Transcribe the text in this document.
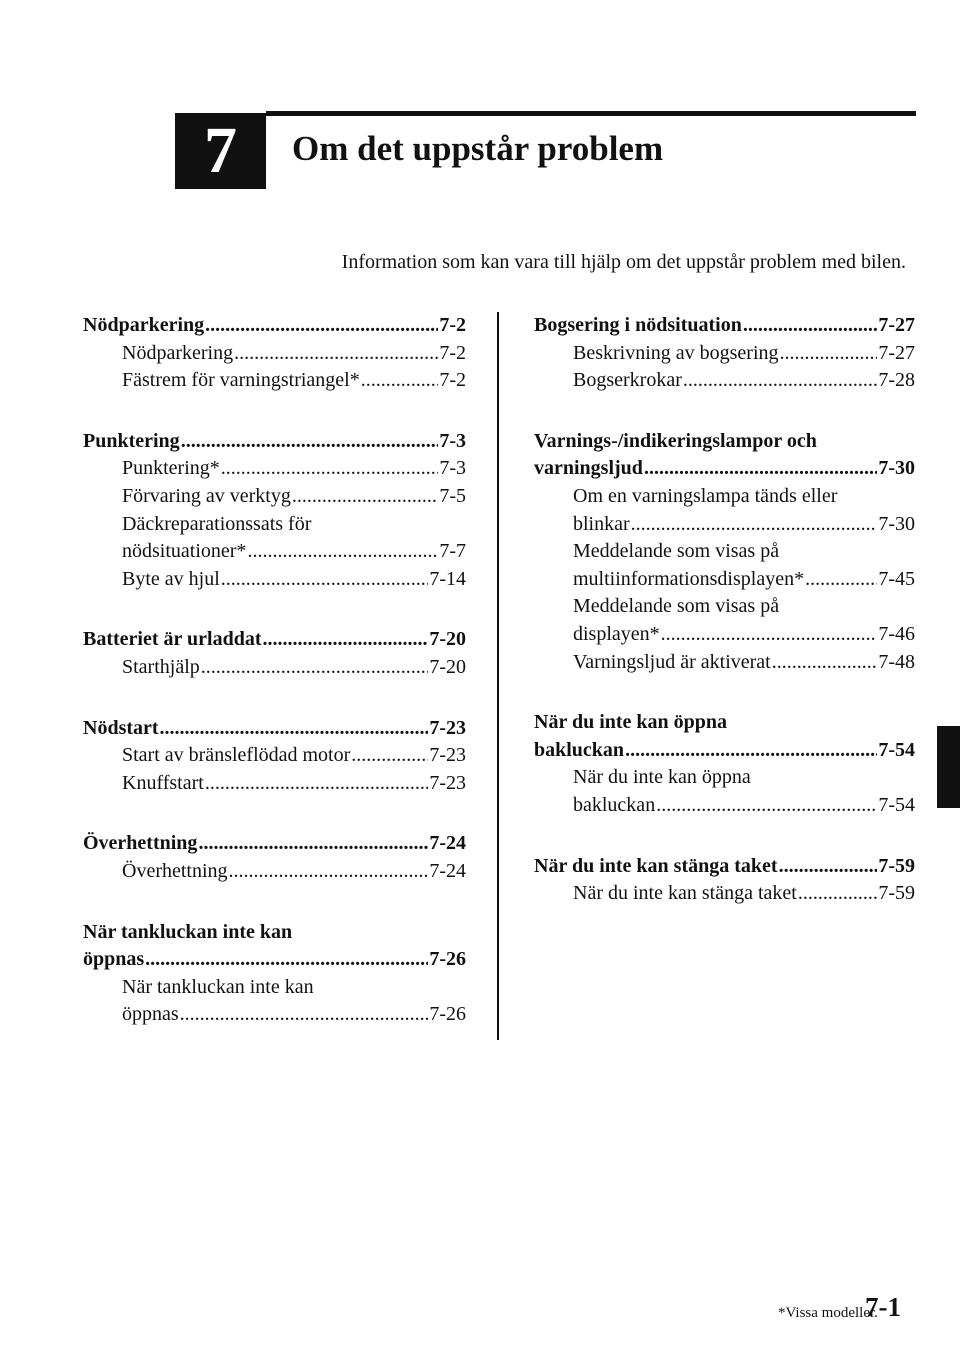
7	Om det uppstår problem
Information som kan vara till hjälp om det uppstår problem med bilen.
Nödparkering .....	7-2
Nödparkering .....	7-2
Fästrem för varningstriangel* .....	7-2
Punktering .....	7-3
Punktering* .....	7-3
Förvaring av verktyg .....	7-5
Däckreparationssats för
nödsituationer* .....	7-7
Byte av hjul .....	7-14
Batteriet är urladdat .....	7-20
Starthjälp .....	7-20
Nödstart .....	7-23
Start av bränsleflödad motor .....	7-23
Knuffstart .....	7-23
Överhettning .....	7-24
Överhettning .....	7-24
När tankluckan inte kan
öppnas .....	7-26
När tankluckan inte kan
öppnas .....	7-26
Bogsering i nödsituation .....	7-27
Beskrivning av bogsering .....	7-27
Bogserkrokar .....	7-28
Varnings-/indikeringslampor och
varningsljud .....	7-30
Om en varningslampa tänds eller
blinkar .....	7-30
Meddelande som visas på
multiinformationsdisplayen* .....	7-45
Meddelande som visas på
displayen* .....	7-46
Varningsljud är aktiverat .....	7-48
När du inte kan öppna
bakluckan .....	7-54
När du inte kan öppna
bakluckan .....	7-54
När du inte kan stänga taket .....	7-59
När du inte kan stänga taket .....	7-59
*Vissa modeller.
7-1
